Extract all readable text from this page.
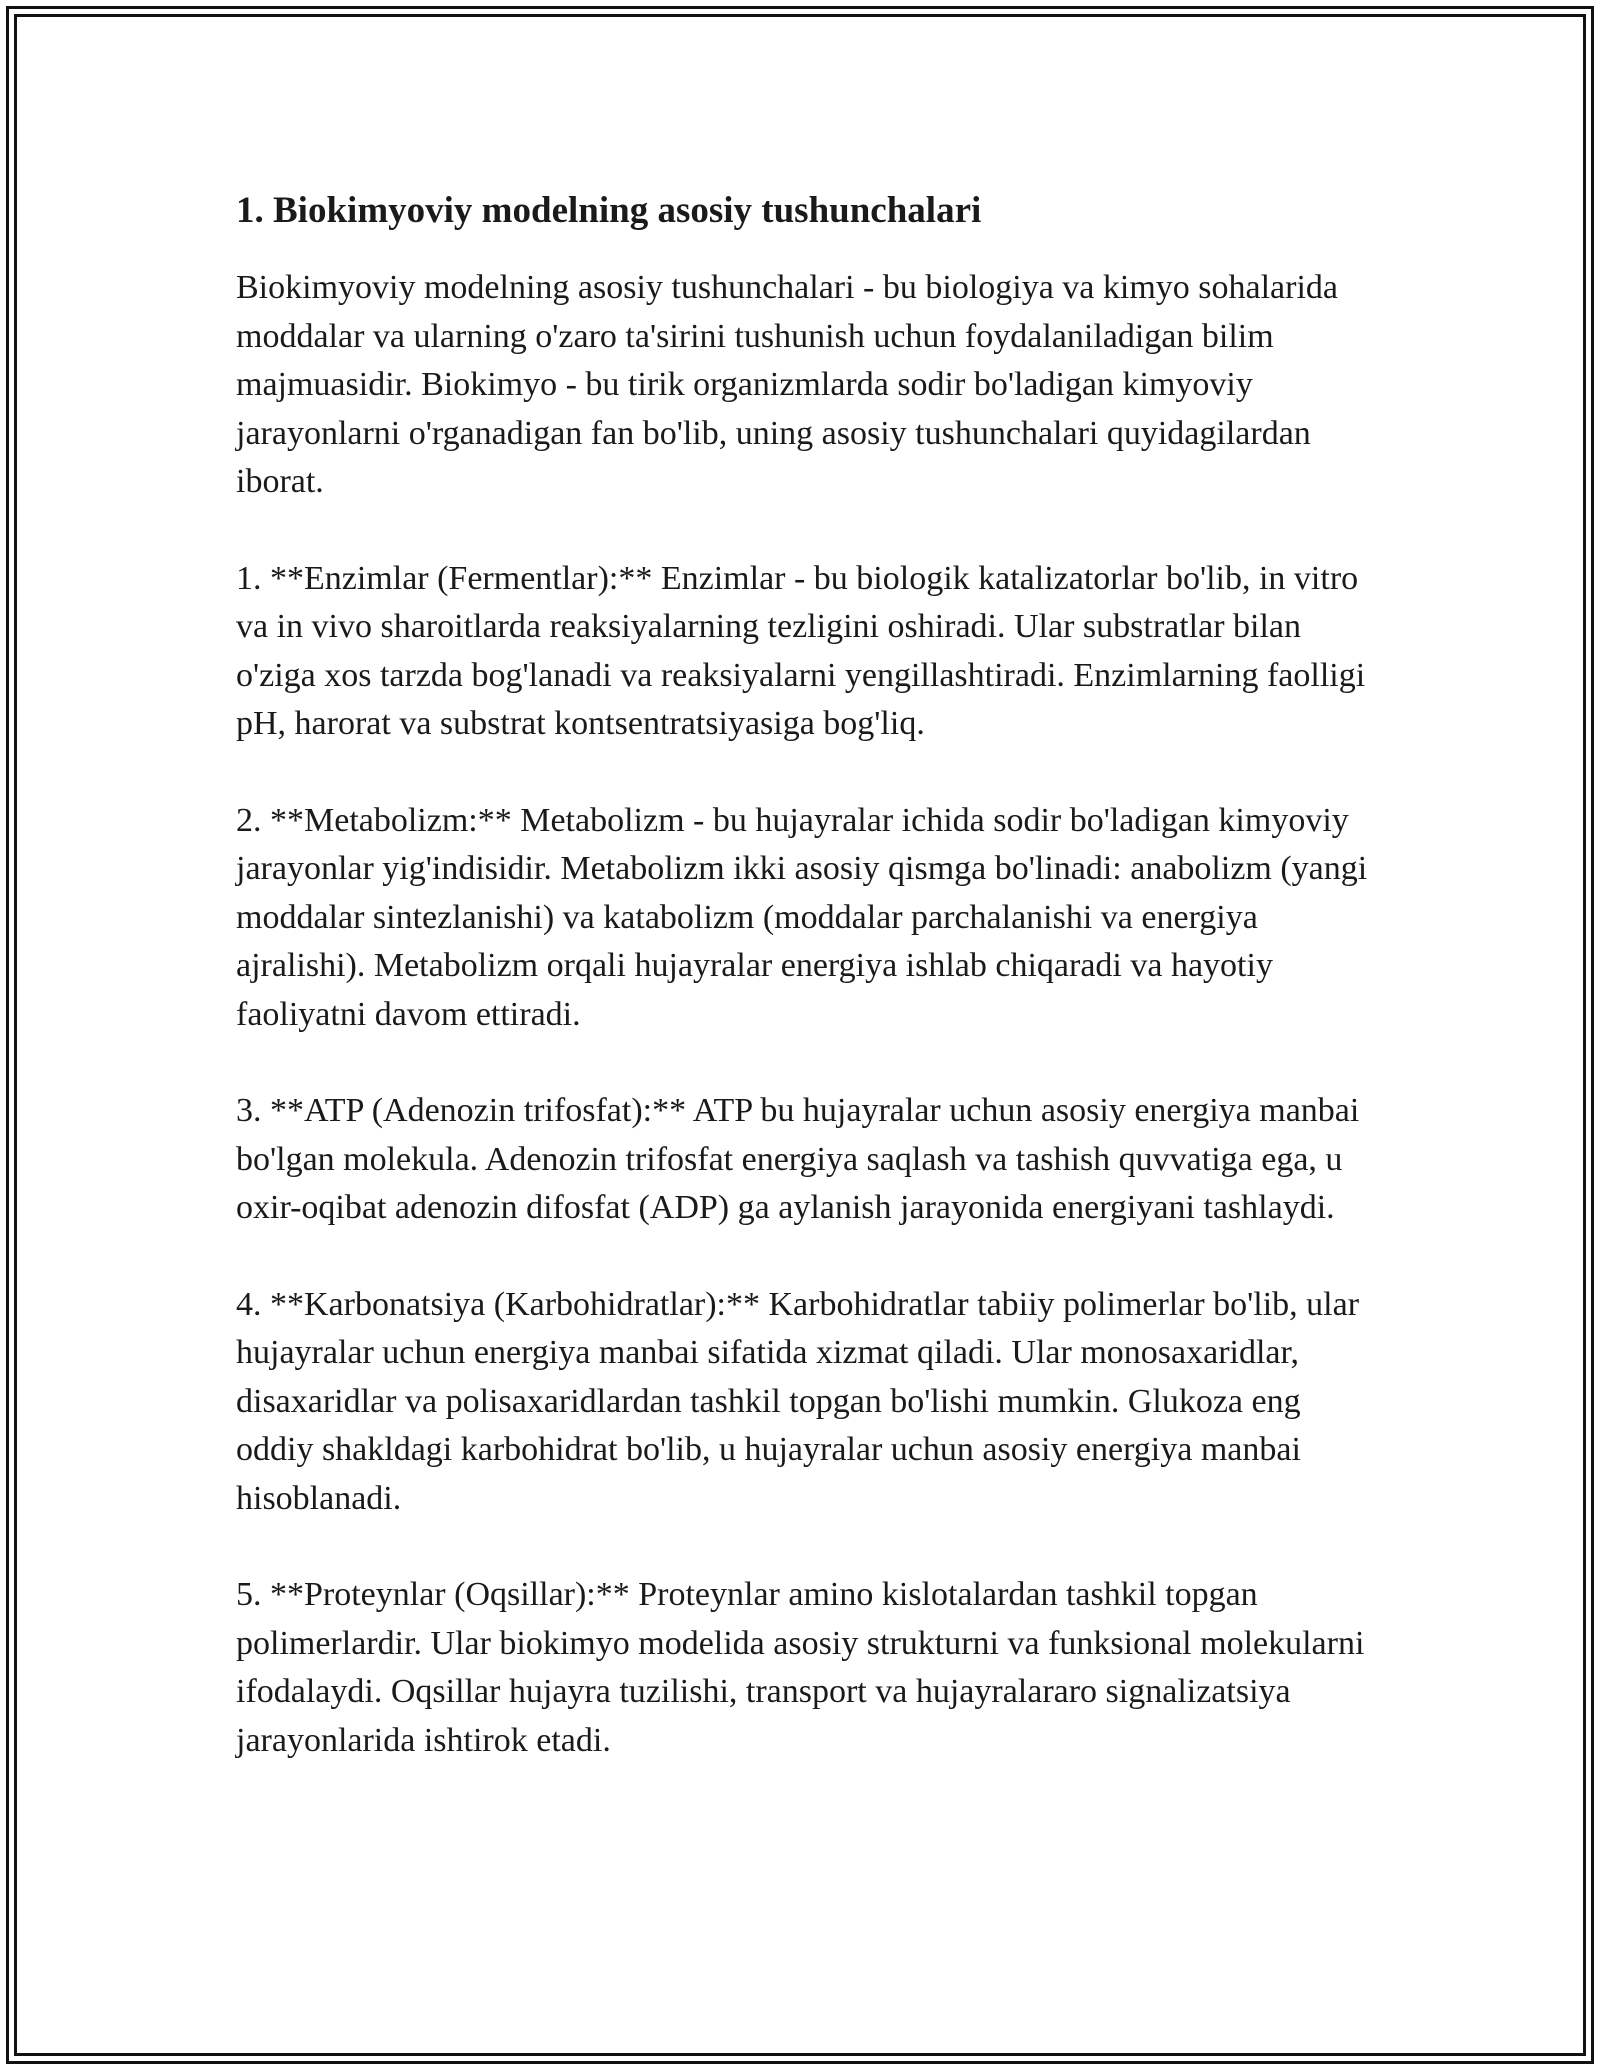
1. Biokimyoviy modelning asosiy tushunchalari

Biokimyoviy modelning asosiy tushunchalari - bu biologiya va kimyo sohalarida moddalar va ularning o'zaro ta'sirini tushunish uchun foydalaniladigan bilim majmuasidir. Biokimyo - bu tirik organizmlarda sodir bo'ladigan kimyoviy jarayonlarni o'rganadigan fan bo'lib, uning asosiy tushunchalari quyidagilardan iborat.

1. **Enzimlar (Fermentlar):** Enzimlar - bu biologik katalizatorlar bo'lib, in vitro va in vivo sharoitlarda reaksiyalarning tezligini oshiradi. Ular substratlar bilan o'ziga xos tarzda bog'lanadi va reaksiyalarni yengillashtiradi. Enzimlarning faolligi pH, harorat va substrat kontsentratsiyasiga bog'liq.

2. **Metabolizm:** Metabolizm - bu hujayralar ichida sodir bo'ladigan kimyoviy jarayonlar yig'indisidir. Metabolizm ikki asosiy qismga bo'linadi: anabolizm (yangi moddalar sintezlanishi) va katabolizm (moddalar parchalanishi va energiya ajralishi). Metabolizm orqali hujayralar energiya ishlab chiqaradi va hayotiy faoliyatni davom ettiradi.

3. **ATP (Adenozin trifosfat):** ATP bu hujayralar uchun asosiy energiya manbai bo'lgan molekula. Adenozin trifosfat energiya saqlash va tashish quvvatiga ega, u oxir-oqibat adenozin difosfat (ADP) ga aylanish jarayonida energiyani tashlaydi.

4. **Karbonatsiya (Karbohidratlar):** Karbohidratlar tabiiy polimerlar bo'lib, ular hujayralar uchun energiya manbai sifatida xizmat qiladi. Ular monosaxaridlar, disaxaridlar va polisaxaridlardan tashkil topgan bo'lishi mumkin. Glukoza eng oddiy shakldagi karbohidrat bo'lib, u hujayralar uchun asosiy energiya manbai hisoblanadi.

5. **Proteynlar (Oqsillar):** Proteynlar amino kislotalardan tashkil topgan polimerlardir. Ular biokimyo modelida asosiy strukturni va funksional molekularni ifodalaydi. Oqsillar hujayra tuzilishi, transport va hujayralararo signalizatsiya jarayonlarida ishtirok etadi.
